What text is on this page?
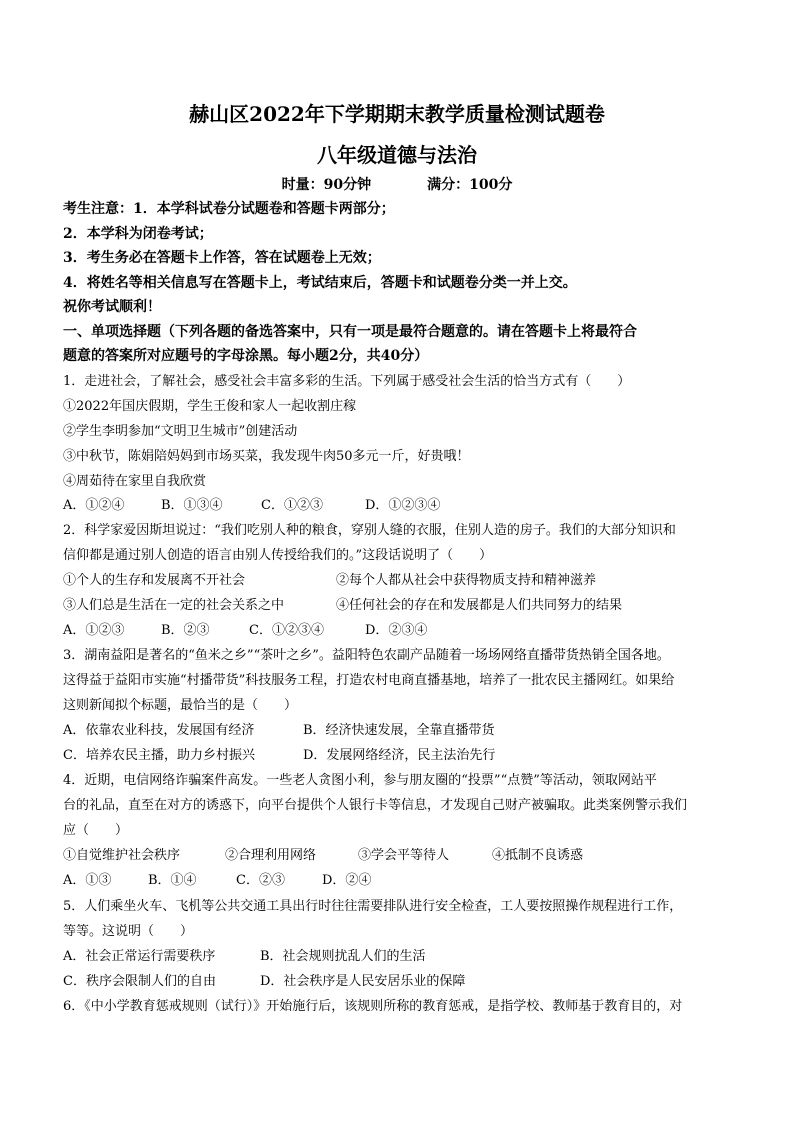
赫山区2022年下学期期末教学质量检测试题卷
八年级道德与法治
时量：90分钟　　　　	满分：100分
考生注意：1．本学科试卷分试题卷和答题卡两部分；
2．本学科为闭卷考试；
3．考生务必在答题卡上作答，答在试题卷上无效；
4．将姓名等相关信息写在答题卡上，考试结束后，答题卡和试题卷分类一并上交。
祝你考试顺利！
一、单项选择题（下列各题的备选答案中，只有一项是最符合题意的。请在答题卡上将最符合
题意的答案所对应题号的字母涂黑。每小题2分，共40分）
1．走进社会，了解社会，感受社会丰富多彩的生活。下列属于感受社会生活的恰当方式有（　　）
①2022年国庆假期，学生王俊和家人一起收割庄稼
②学生李明参加“文明卫生城市”创建活动
③中秋节，陈娟陪妈妈到市场买菜，我发现牛肉50多元一斤，好贵哦！
④周茹待在家里自我欣赏
A．①②④	B．①③④	C．①②③	D．①②③④
2．科学家爱因斯坦说过：“我们吃别人种的粮食，穿别人缝的衣服，住别人造的房子。我们的大部分知识和
信仰都是通过别人创造的语言由别人传授给我们的。”这段话说明了（　　）
①个人的生存和发展离不开社会	②每个人都从社会中获得物质支持和精神滋养
③人们总是生活在一定的社会关系之中	④任何社会的存在和发展都是人们共同努力的结果
A．①②③	B．②③	C．①②③④	D．②③④
3．湖南益阳是著名的“鱼米之乡”“茶叶之乡”。益阳特色农副产品随着一场场网络直播带货热销全国各地。
这得益于益阳市实施“村播带货”科技服务工程，打造农村电商直播基地，培养了一批农民主播网红。如果给
这则新闻拟个标题，最恰当的是（　　）
A．依靠农业科技，发展国有经济	B．经济快速发展，全靠直播带货
C．培养农民主播，助力乡村振兴	D．发展网络经济，民主法治先行
4．近期，电信网络诈骗案件高发。一些老人贪图小利，参与朋友圈的“投票”“点赞”等活动，领取网站平
台的礼品，直至在对方的诱惑下，向平台提供个人银行卡等信息，才发现自己财产被骗取。此类案例警示我们
应（　　）
①自觉维护社会秩序	②合理利用网络	③学会平等待人	④抵制不良诱惑
A．①③	B．①④	C．②③	D．②④
5．人们乘坐火车、飞机等公共交通工具出行时往往需要排队进行安全检查，工人要按照操作规程进行工作，
等等。这说明（　　）
A．社会正常运行需要秩序	B．社会规则扰乱人们的生活
C．秩序会限制人们的自由	D．社会秩序是人民安居乐业的保障
6．《中小学教育惩戒规则（试行）》开始施行后，该规则所称的教育惩戒，是指学校、教师基于教育目的，对
